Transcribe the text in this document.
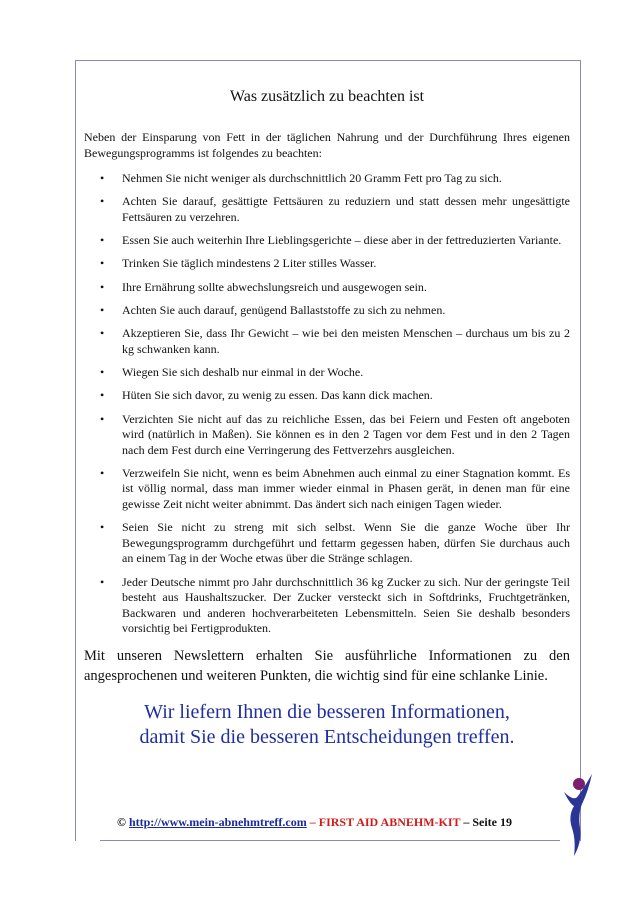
Was zusätzlich zu beachten ist

Neben der Einsparung von Fett in der täglichen Nahrung und der Durchführung Ihres eigenen Bewegungsprogramms ist folgendes zu beachten:

• Nehmen Sie nicht weniger als durchschnittlich 20 Gramm Fett pro Tag zu sich.
• Achten Sie darauf, gesättigte Fettsäuren zu reduziern und statt dessen mehr ungesättigte Fettsäuren zu verzehren.
• Essen Sie auch weiterhin Ihre Lieblingsgerichte – diese aber in der fettreduzierten Variante.
• Trinken Sie täglich mindestens 2 Liter stilles Wasser.
• Ihre Ernährung sollte abwechslungsreich und ausgewogen sein.
• Achten Sie auch darauf, genügend Ballaststoffe zu sich zu nehmen.
• Akzeptieren Sie, dass Ihr Gewicht – wie bei den meisten Menschen – durchaus um bis zu 2 kg schwanken kann.
• Wiegen Sie sich deshalb nur einmal in der Woche.
• Hüten Sie sich davor, zu wenig zu essen. Das kann dick machen.
• Verzichten Sie nicht auf das zu reichliche Essen, das bei Feiern und Festen oft angeboten wird (natürlich in Maßen). Sie können es in den 2 Tagen vor dem Fest und in den 2 Tagen nach dem Fest durch eine Verringerung des Fettverzehrs ausgleichen.
• Verzweifeln Sie nicht, wenn es beim Abnehmen auch einmal zu einer Stagnation kommt. Es ist völlig normal, dass man immer wieder einmal in Phasen gerät, in denen man für eine gewisse Zeit nicht weiter abnimmt. Das ändert sich nach einigen Tagen wieder.
• Seien Sie nicht zu streng mit sich selbst. Wenn Sie die ganze Woche über Ihr Bewegungsprogramm durchgeführt und fettarm gegessen haben, dürfen Sie durchaus auch an einem Tag in der Woche etwas über die Stränge schlagen.
• Jeder Deutsche nimmt pro Jahr durchschnittlich 36 kg Zucker zu sich. Nur der geringste Teil besteht aus Haushaltszucker. Der Zucker versteckt sich in Softdrinks, Fruchtgetränken, Backwaren und anderen hochverarbeiteten Lebensmitteln. Seien Sie deshalb besonders vorsichtig bei Fertigprodukten.

Mit unseren Newslettern erhalten Sie ausführliche Informationen zu den angesprochenen und weiteren Punkten, die wichtig sind für eine schlanke Linie.

Wir liefern Ihnen die besseren Informationen,
damit Sie die besseren Entscheidungen treffen.
© http://www.mein-abnehmtreff.com – FIRST AID ABNEHM-KIT – Seite 19
